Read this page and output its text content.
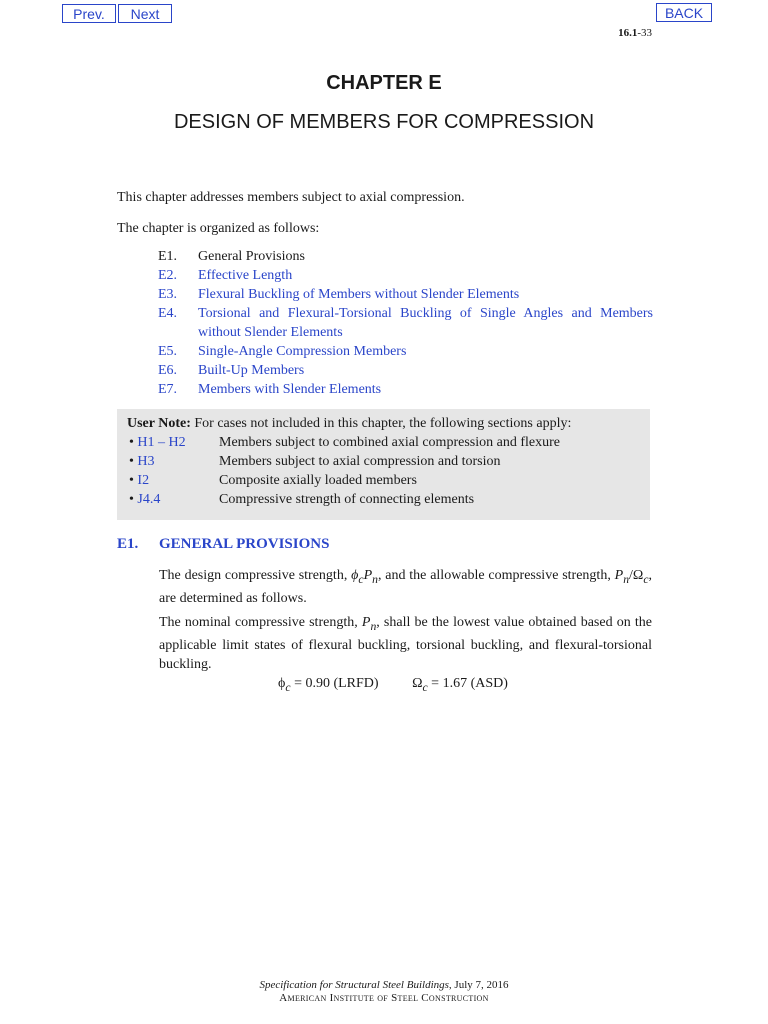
Prev.	Next	BACK
16.1-33
CHAPTER E
DESIGN OF MEMBERS FOR COMPRESSION
This chapter addresses members subject to axial compression.
The chapter is organized as follows:
E1.	General Provisions
E2.	Effective Length
E3.	Flexural Buckling of Members without Slender Elements
E4.	Torsional and Flexural-Torsional Buckling of Single Angles and Members without Slender Elements
E5.	Single-Angle Compression Members
E6.	Built-Up Members
E7.	Members with Slender Elements
User Note: For cases not included in this chapter, the following sections apply:
• H1 – H2	Members subject to combined axial compression and flexure
• H3	Members subject to axial compression and torsion
• I2	Composite axially loaded members
• J4.4	Compressive strength of connecting elements
E1. GENERAL PROVISIONS
The design compressive strength, $\phi_cP_n$, and the allowable compressive strength, $P_n/\Omega_c$, are determined as follows.
The nominal compressive strength, $P_n$, shall be the lowest value obtained based on the applicable limit states of flexural buckling, torsional buckling, and flexural-torsional buckling.
$\phi_c = 0.90$ (LRFD) $\Omega_c = 1.67$ (ASD)
Specification for Structural Steel Buildings, July 7, 2016
American Institute of Steel Construction
